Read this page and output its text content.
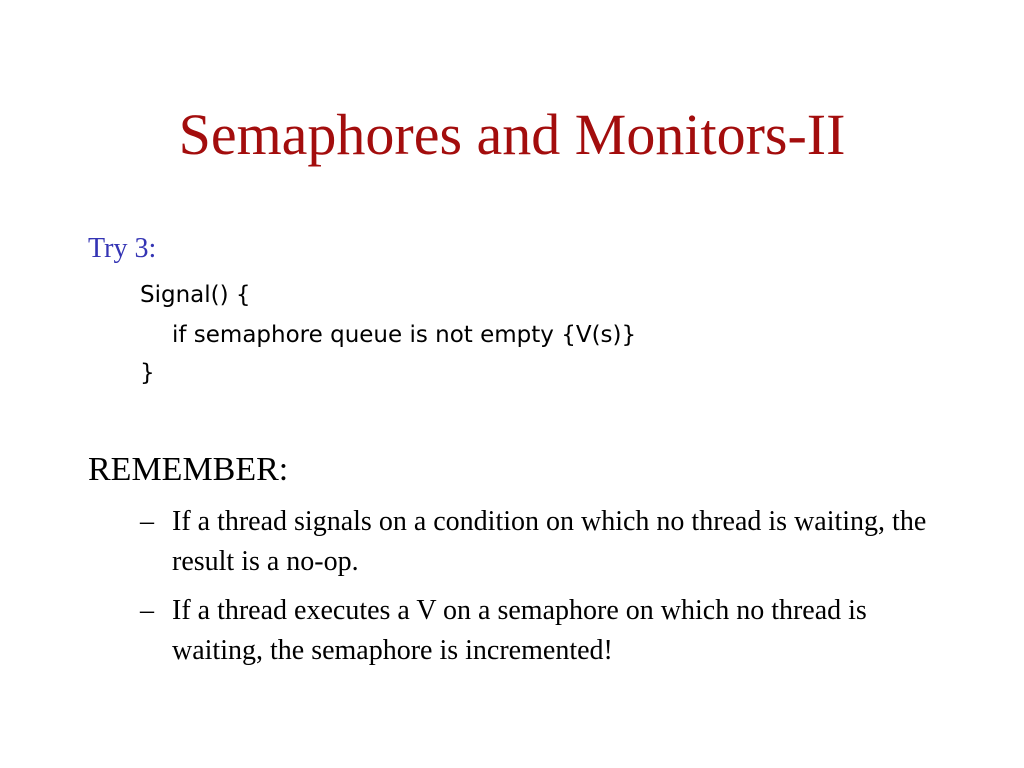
Semaphores and Monitors-II
Try 3:
Signal() {
if semaphore queue is not empty {V(s)}
}
REMEMBER:
– If a thread signals on a condition on which no thread is waiting, the result is a no-op.
– If a thread executes a V on a semaphore on which no thread is waiting, the semaphore is incremented!
